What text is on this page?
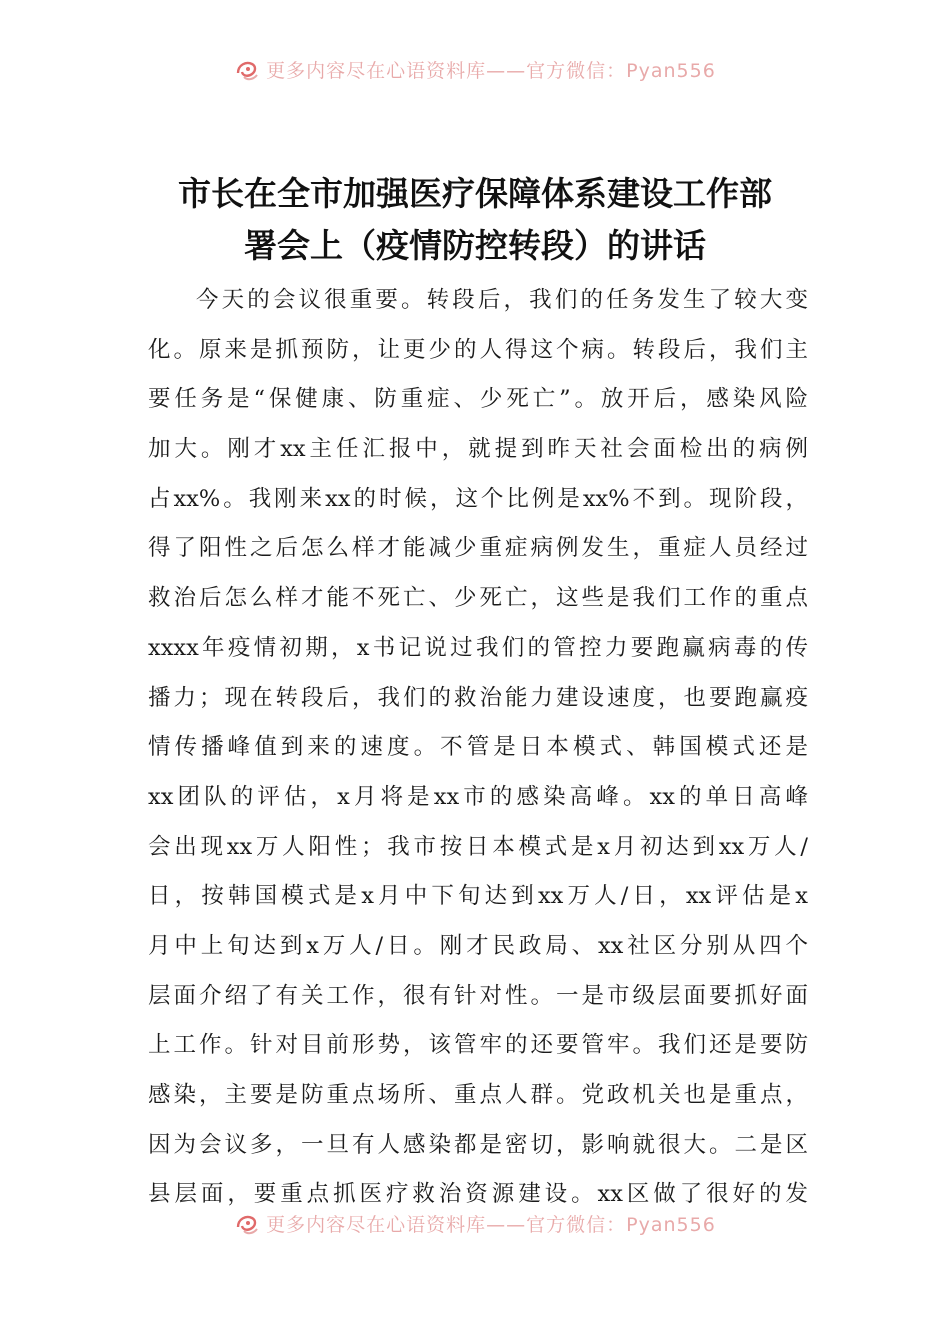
更多内容尽在心语资料库——官方微信：Pyan556
市长在全市加强医疗保障体系建设工作部
署会上（疫情防控转段）的讲话
今天的会议很重要。转段后，我们的任务发生了较大变
化。原来是抓预防，让更少的人得这个病。转段后，我们主
要任务是“保健康、防重症、少死亡”。放开后，感染风险
加大。刚才xx主任汇报中，就提到昨天社会面检出的病例
占xx%。我刚来xx的时候，这个比例是xx%不到。现阶段，
得了阳性之后怎么样才能减少重症病例发生，重症人员经过
救治后怎么样才能不死亡、少死亡，这些是我们工作的重点
xxxx年疫情初期，x书记说过我们的管控力要跑赢病毒的传
播力；现在转段后，我们的救治能力建设速度，也要跑赢疫
情传播峰值到来的速度。不管是日本模式、韩国模式还是
xx团队的评估，x月将是xx市的感染高峰。xx的单日高峰
会出现xx万人阳性；我市按日本模式是x月初达到xx万人/
日，按韩国模式是x月中下旬达到xx万人/日，xx评估是x
月中上旬达到x万人/日。刚才民政局、xx社区分别从四个
层面介绍了有关工作，很有针对性。一是市级层面要抓好面
上工作。针对目前形势，该管牢的还要管牢。我们还是要防
感染，主要是防重点场所、重点人群。党政机关也是重点，
因为会议多，一旦有人感染都是密切，影响就很大。二是区
县层面，要重点抓医疗救治资源建设。xx区做了很好的发
更多内容尽在心语资料库——官方微信：Pyan556
